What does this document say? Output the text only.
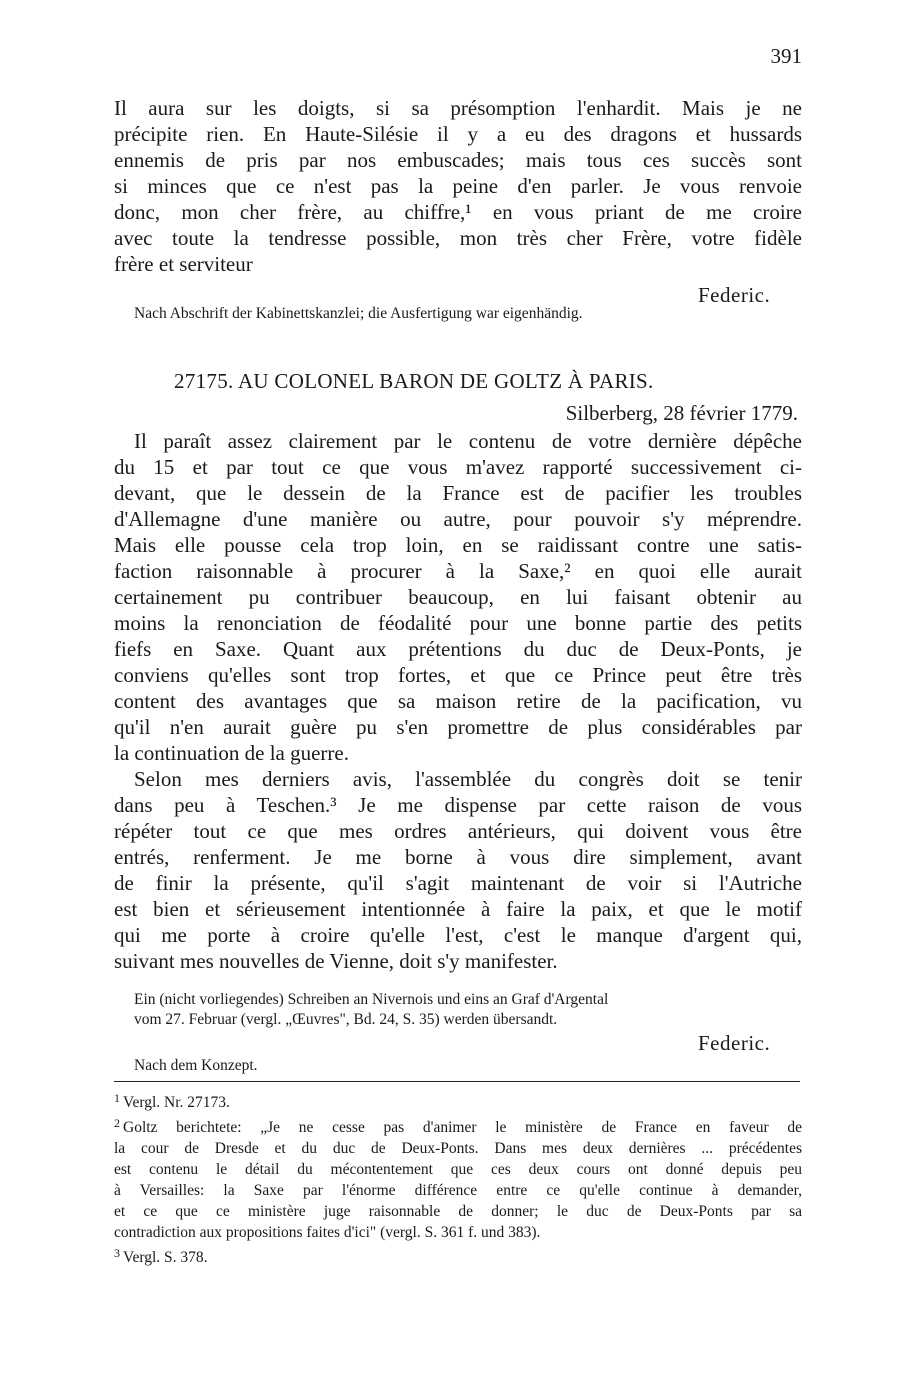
391
Il aura sur les doigts, si sa présomption l'enhardit. Mais je ne
précipite rien. En Haute-Silésie il y a eu des dragons et hussards
ennemis de pris par nos embuscades; mais tous ces succès sont
si minces que ce n'est pas la peine d'en parler. Je vous renvoie
donc, mon cher frère, au chiffre,¹ en vous priant de me croire
avec toute la tendresse possible, mon très cher Frère, votre fidèle
frère et serviteur
Federic.
Nach Abschrift der Kabinettskanzlei; die Ausfertigung war eigenhändig.
27175. AU COLONEL BARON DE GOLTZ À PARIS.
Silberberg, 28 février 1779.
Il paraît assez clairement par le contenu de votre dernière dépêche
du 15 et par tout ce que vous m'avez rapporté successivement ci-
devant, que le dessein de la France est de pacifier les troubles
d'Allemagne d'une manière ou autre, pour pouvoir s'y méprendre.
Mais elle pousse cela trop loin, en se raidissant contre une satis-
faction raisonnable à procurer à la Saxe,² en quoi elle aurait
certainement pu contribuer beaucoup, en lui faisant obtenir au
moins la renonciation de féodalité pour une bonne partie des petits
fiefs en Saxe. Quant aux prétentions du duc de Deux-Ponts, je
conviens qu'elles sont trop fortes, et que ce Prince peut être très
content des avantages que sa maison retire de la pacification, vu
qu'il n'en aurait guère pu s'en promettre de plus considérables par
la continuation de la guerre.
Selon mes derniers avis, l'assemblée du congrès doit se tenir
dans peu à Teschen.³ Je me dispense par cette raison de vous
répéter tout ce que mes ordres antérieurs, qui doivent vous être
entrés, renferment. Je me borne à vous dire simplement, avant
de finir la présente, qu'il s'agit maintenant de voir si l'Autriche
est bien et sérieusement intentionnée à faire la paix, et que le motif
qui me porte à croire qu'elle l'est, c'est le manque d'argent qui,
suivant mes nouvelles de Vienne, doit s'y manifester.
Ein (nicht vorliegendes) Schreiben an Nivernois und eins an Graf d'Argental
vom 27. Februar (vergl. „Œuvres", Bd. 24, S. 35) werden übersandt.
Federic.
Nach dem Konzept.
$^1$ Vergl. Nr. 27173.
$^2$ Goltz berichtete: „Je ne cesse pas d'animer le ministère de France en faveur de
la cour de Dresde et du duc de Deux-Ponts. Dans mes deux dernières ... précédentes
est contenu le détail du mécontentement que ces deux cours ont donné depuis peu
à Versailles: la Saxe par l'énorme différence entre ce qu'elle continue à demander,
et ce que ce ministère juge raisonnable de donner; le duc de Deux-Ponts par sa
contradiction aux propositions faites d'ici" (vergl. S. 361 f. und 383).
$^3$ Vergl. S. 378.
